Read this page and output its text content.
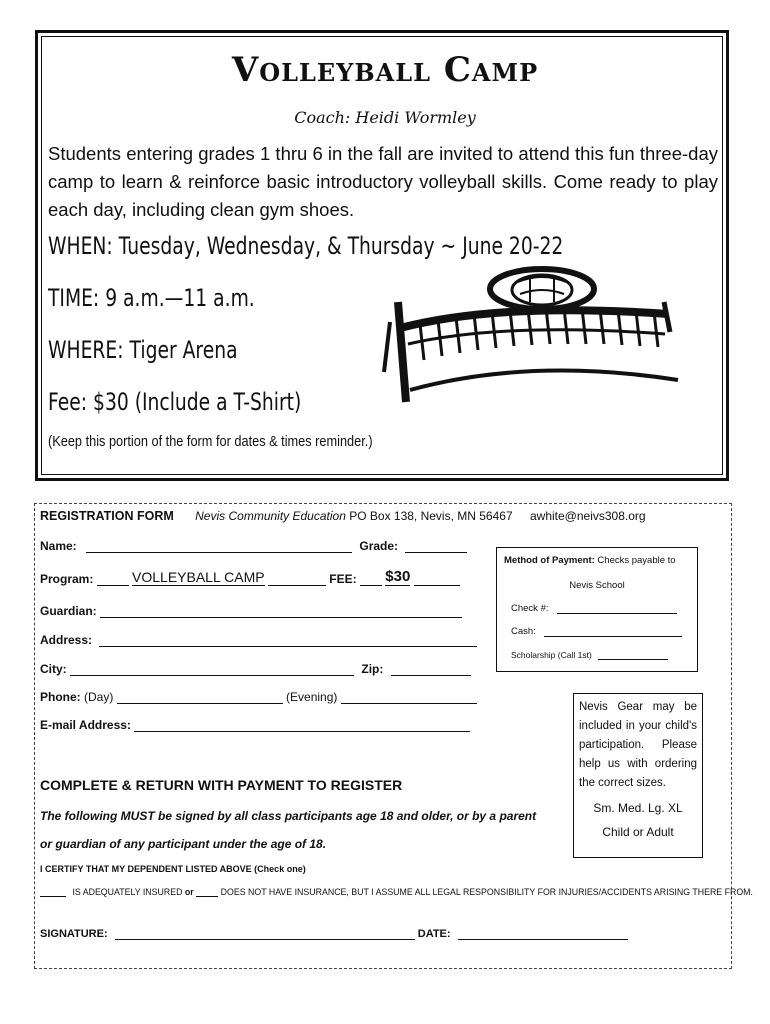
Volleyball Camp
Coach: Heidi Wormley
Students entering grades 1 thru 6 in the fall are invited to attend this fun three-day camp to learn & reinforce basic introductory volleyball skills. Come ready to play each day, including clean gym shoes.
WHEN: Tuesday, Wednesday, & Thursday ~ June 20-22
TIME: 9 a.m.—11 a.m.
WHERE: Tiger Arena
Fee: $30 (Include a T-Shirt)
(Keep this portion of the form for dates & times reminder.)
REGISTRATION FORM Nevis Community Education PO Box 138, Nevis, MN 56467 awhite@neivs308.org
Name:	Grade:
Program:	VOLLEYBALL CAMP	FEE: $30
Guardian:
Address:
City:	Zip:
Phone: (Day)	(Evening)
E-mail Address:
COMPLETE & RETURN WITH PAYMENT TO REGISTER
The following MUST be signed by all class participants age 18 and older, or by a parent
or guardian of any participant under the age of 18.
I CERTIFY THAT MY DEPENDENT LISTED ABOVE (Check one)
IS ADEQUATELY INSURED or	DOES NOT HAVE INSURANCE, BUT I ASSUME ALL LEGAL RESPONSIBILITY FOR INJURIES/ACCIDENTS ARISING THERE FROM.
SIGNATURE:	DATE:
Method of Payment: Checks payable to
Nevis School
Check #:
Cash:
Scholarship (Call 1st)
Nevis Gear may be included in your child's participation. Please help us with ordering the correct sizes.
Sm. Med. Lg. XL
Child or Adult
